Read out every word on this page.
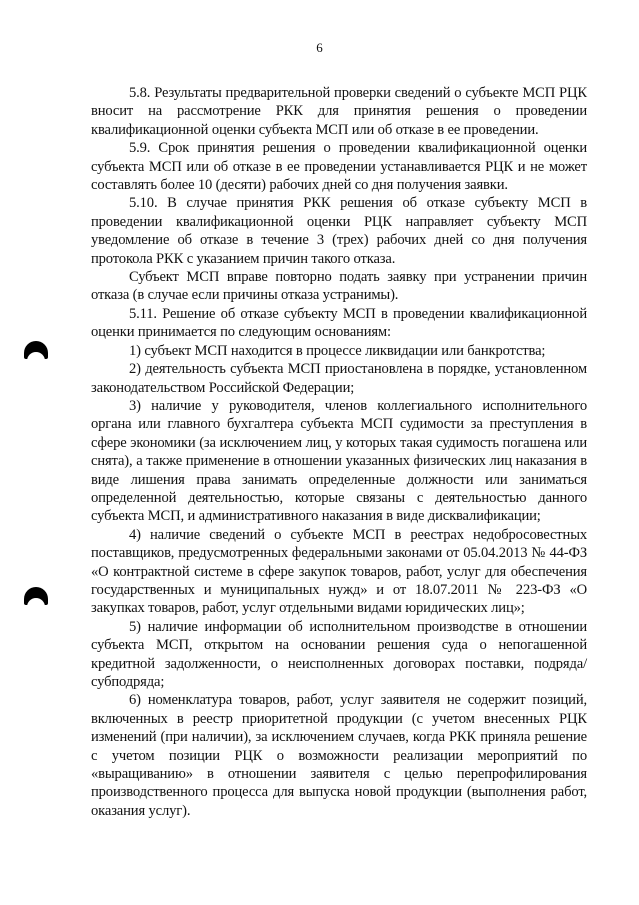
6

5.8. Результаты предварительной проверки сведений о субъекте МСП РЦК вносит на рассмотрение РКК для принятия решения о проведении квалификационной оценки субъекта МСП или об отказе в ее проведении.

5.9. Срок принятия решения о проведении квалификационной оценки субъекта МСП или об отказе в ее проведении устанавливается РЦК и не может составлять более 10 (десяти) рабочих дней со дня получения заявки.

5.10. В случае принятия РКК решения об отказе субъекту МСП в проведении квалификационной оценки РЦК направляет субъекту МСП уведомление об отказе в течение 3 (трех) рабочих дней со дня получения протокола РКК с указанием причин такого отказа.

Субъект МСП вправе повторно подать заявку при устранении причин отказа (в случае если причины отказа устранимы).

5.11. Решение об отказе субъекту МСП в проведении квалификационной оценки принимается по следующим основаниям:

1) субъект МСП находится в процессе ликвидации или банкротства;

2) деятельность субъекта МСП приостановлена в порядке, установленном законодательством Российской Федерации;

3) наличие у руководителя, членов коллегиального исполнительного органа или главного бухгалтера субъекта МСП судимости за преступления в сфере экономики (за исключением лиц, у которых такая судимость погашена или снята), а также применение в отношении указанных физических лиц наказания в виде лишения права занимать определенные должности или заниматься определенной деятельностью, которые связаны с деятельностью данного субъекта МСП, и административного наказания в виде дисквалификации;

4) наличие сведений о субъекте МСП в реестрах недобросовестных поставщиков, предусмотренных федеральными законами от 05.04.2013 № 44-ФЗ «О контрактной системе в сфере закупок товаров, работ, услуг для обеспечения государственных и муниципальных нужд» и от 18.07.2011 № 223-ФЗ «О закупках товаров, работ, услуг отдельными видами юридических лиц»;

5) наличие информации об исполнительном производстве в отношении субъекта МСП, открытом на основании решения суда о непогашенной кредитной задолженности, о неисполненных договорах поставки, подряда/субподряда;

6) номенклатура товаров, работ, услуг заявителя не содержит позиций, включенных в реестр приоритетной продукции (с учетом внесенных РЦК изменений (при наличии), за исключением случаев, когда РКК приняла решение с учетом позиции РЦК о возможности реализации мероприятий по «выращиванию» в отношении заявителя с целью перепрофилирования производственного процесса для выпуска новой продукции (выполнения работ, оказания услуг).
